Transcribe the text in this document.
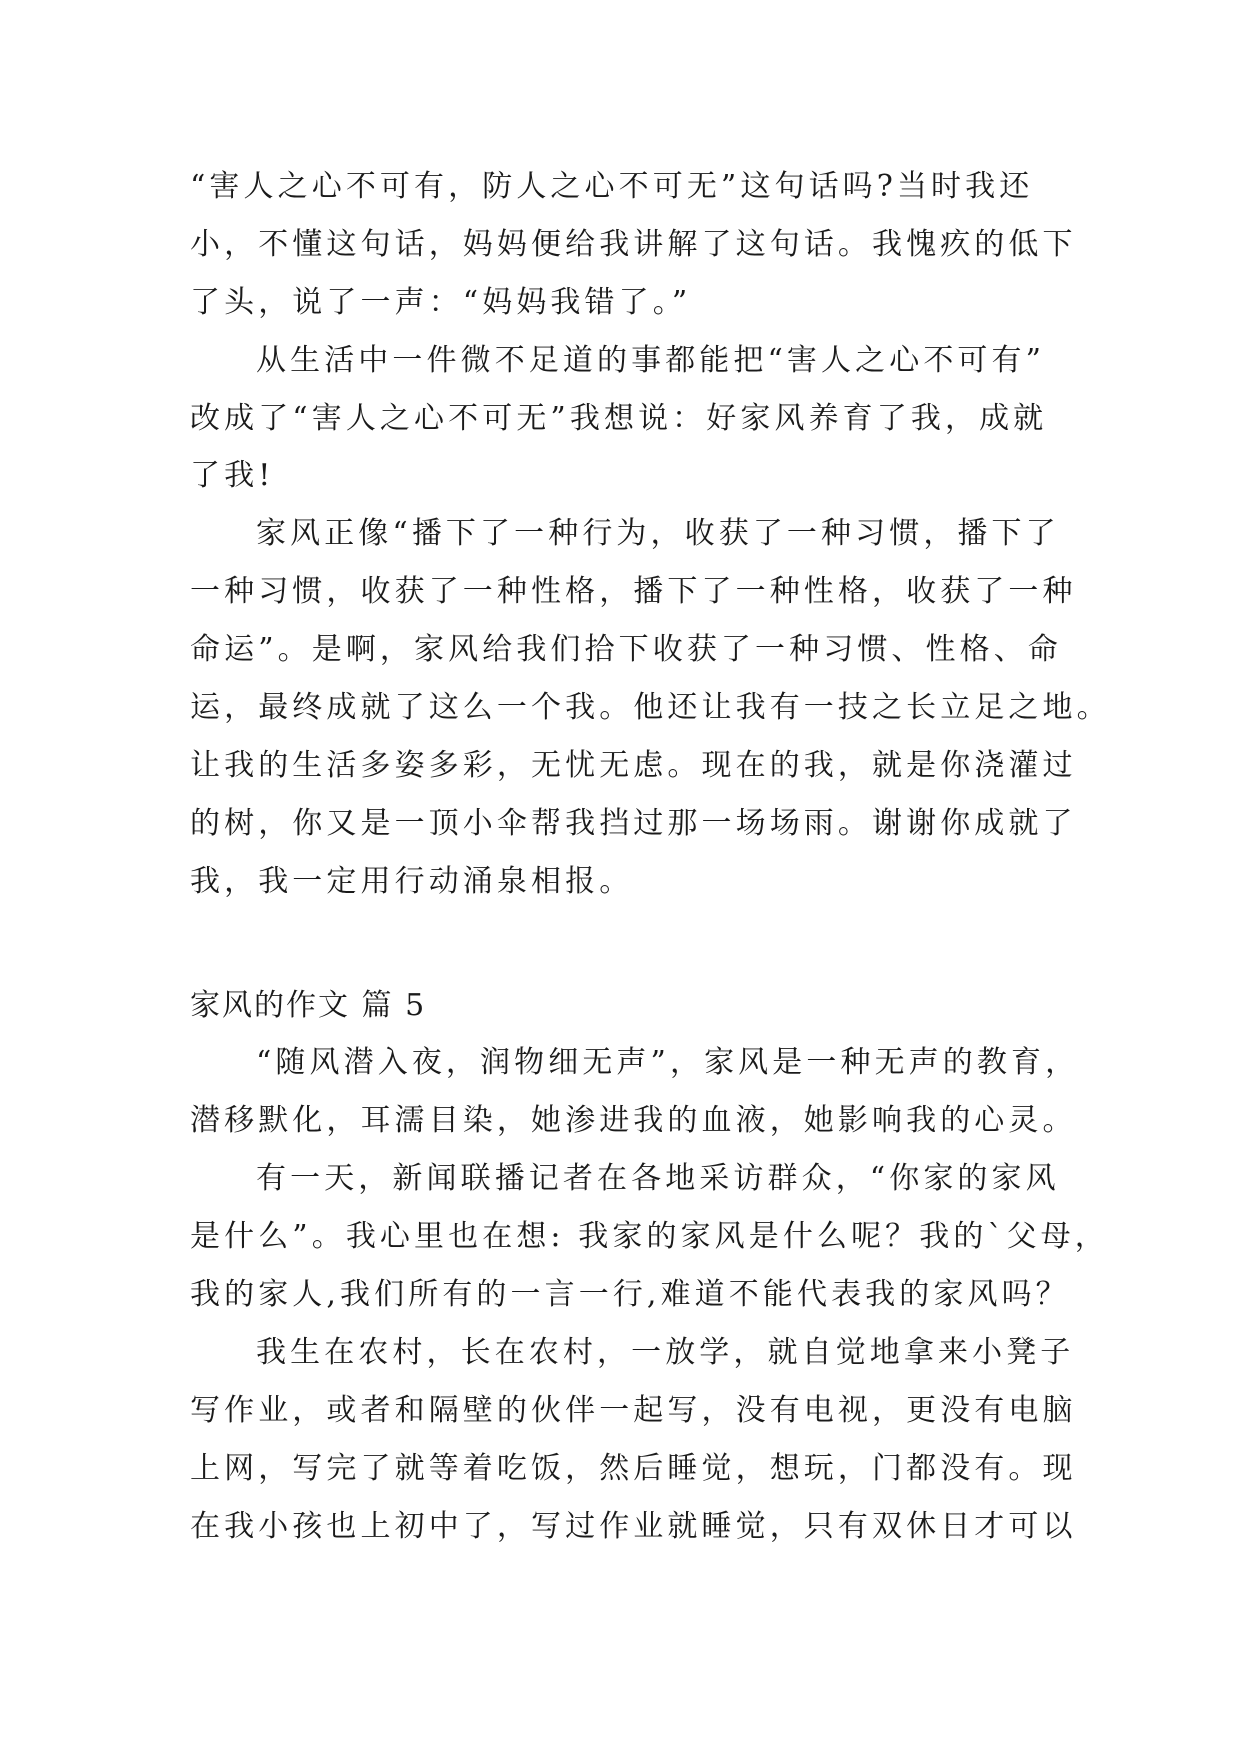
“害人之心不可有，防人之心不可无”这句话吗?当时我还
小，不懂这句话，妈妈便给我讲解了这句话。我愧疚的低下
了头，说了一声：“妈妈我错了。”
从生活中一件微不足道的事都能把“害人之心不可有”
改成了“害人之心不可无”我想说：好家风养育了我，成就
了我!
家风正像“播下了一种行为，收获了一种习惯，播下了
一种习惯，收获了一种性格，播下了一种性格，收获了一种
命运”。是啊，家风给我们拾下收获了一种习惯、性格、命
运，最终成就了这么一个我。他还让我有一技之长立足之地。
让我的生活多姿多彩，无忧无虑。现在的我，就是你浇灌过
的树，你又是一顶小伞帮我挡过那一场场雨。谢谢你成就了
我，我一定用行动涌泉相报。
家风的作文 篇 5
“随风潜入夜，润物细无声”，家风是一种无声的教育，
潜移默化，耳濡目染，她渗进我的血液，她影响我的心灵。
有一天，新闻联播记者在各地采访群众，“你家的家风
是什么”。我心里也在想: 我家的家风是什么呢？我的`父母，
我的家人,我们所有的一言一行,难道不能代表我的家风吗？
我生在农村，长在农村，一放学，就自觉地拿来小凳子
写作业，或者和隔壁的伙伴一起写，没有电视，更没有电脑
上网，写完了就等着吃饭，然后睡觉，想玩，门都没有。现
在我小孩也上初中了，写过作业就睡觉，只有双休日才可以
